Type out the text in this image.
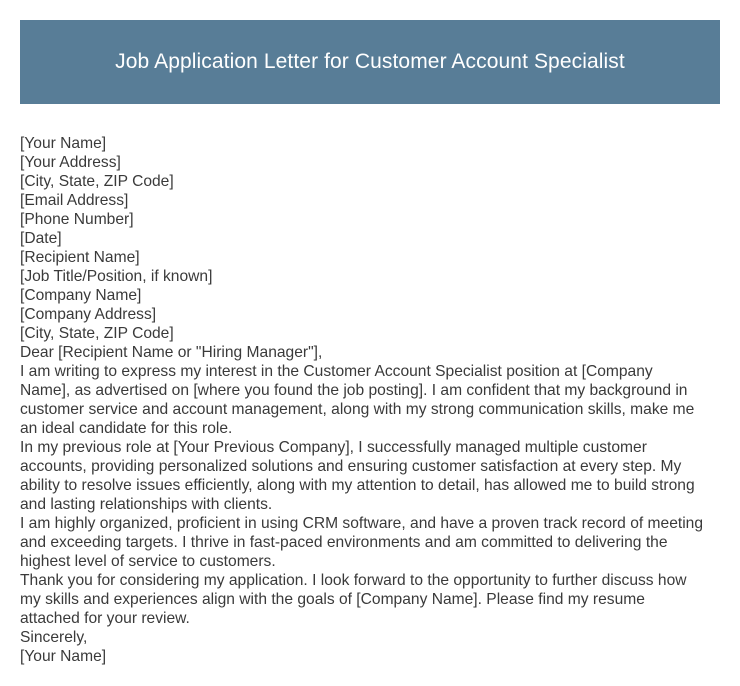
Job Application Letter for Customer Account Specialist
[Your Name]
[Your Address]
[City, State, ZIP Code]
[Email Address]
[Phone Number]
[Date]
[Recipient Name]
[Job Title/Position, if known]
[Company Name]
[Company Address]
[City, State, ZIP Code]
Dear [Recipient Name or "Hiring Manager"],
I am writing to express my interest in the Customer Account Specialist position at [Company
Name], as advertised on [where you found the job posting]. I am confident that my background in
customer service and account management, along with my strong communication skills, make me
an ideal candidate for this role.
In my previous role at [Your Previous Company], I successfully managed multiple customer
accounts, providing personalized solutions and ensuring customer satisfaction at every step. My
ability to resolve issues efficiently, along with my attention to detail, has allowed me to build strong
and lasting relationships with clients.
I am highly organized, proficient in using CRM software, and have a proven track record of meeting
and exceeding targets. I thrive in fast-paced environments and am committed to delivering the
highest level of service to customers.
Thank you for considering my application. I look forward to the opportunity to further discuss how
my skills and experiences align with the goals of [Company Name]. Please find my resume
attached for your review.
Sincerely,
[Your Name]
